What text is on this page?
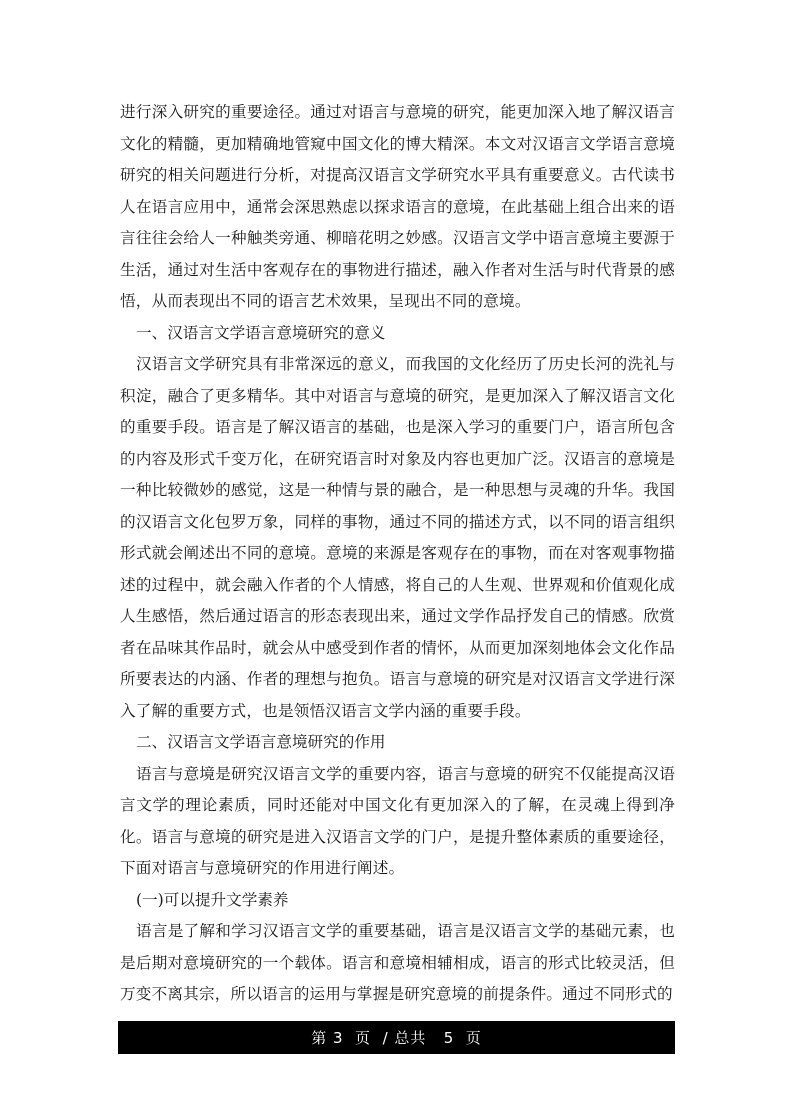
进行深入研究的重要途径。通过对语言与意境的研究，能更加深入地了解汉语言文化的精髓，更加精确地管窥中国文化的博大精深。本文对汉语言文学语言意境研究的相关问题进行分析，对提高汉语言文学研究水平具有重要意义。古代读书人在语言应用中，通常会深思熟虑以探求语言的意境，在此基础上组合出来的语言往往会给人一种触类旁通、柳暗花明之妙感。汉语言文学中语言意境主要源于生活，通过对生活中客观存在的事物进行描述，融入作者对生活与时代背景的感悟，从而表现出不同的语言艺术效果，呈现出不同的意境。

一、汉语言文学语言意境研究的意义

汉语言文学研究具有非常深远的意义，而我国的文化经历了历史长河的洗礼与积淀，融合了更多精华。其中对语言与意境的研究，是更加深入了解汉语言文化的重要手段。语言是了解汉语言的基础，也是深入学习的重要门户，语言所包含的内容及形式千变万化，在研究语言时对象及内容也更加广泛。汉语言的意境是一种比较微妙的感觉，这是一种情与景的融合，是一种思想与灵魂的升华。我国的汉语言文化包罗万象，同样的事物，通过不同的描述方式，以不同的语言组织形式就会阐述出不同的意境。意境的来源是客观存在的事物，而在对客观事物描述的过程中，就会融入作者的个人情感，将自己的人生观、世界观和价值观化成人生感悟，然后通过语言的形态表现出来，通过文学作品抒发自己的情感。欣赏者在品味其作品时，就会从中感受到作者的情怀，从而更加深刻地体会文化作品所要表达的内涵、作者的理想与抱负。语言与意境的研究是对汉语言文学进行深入了解的重要方式，也是领悟汉语言文学内涵的重要手段。

二、汉语言文学语言意境研究的作用

语言与意境是研究汉语言文学的重要内容，语言与意境的研究不仅能提高汉语言文学的理论素质，同时还能对中国文化有更加深入的了解，在灵魂上得到净化。语言与意境的研究是进入汉语言文学的门户，是提升整体素质的重要途径，下面对语言与意境研究的作用进行阐述。

(一)可以提升文学素养

语言是了解和学习汉语言文学的重要基础，语言是汉语言文学的基础元素，也是后期对意境研究的一个载体。语言和意境相辅相成，语言的形式比较灵活，但万变不离其宗，所以语言的运用与掌握是研究意境的前提条件。通过不同形式的

第 3  页  / 总共   5  页
